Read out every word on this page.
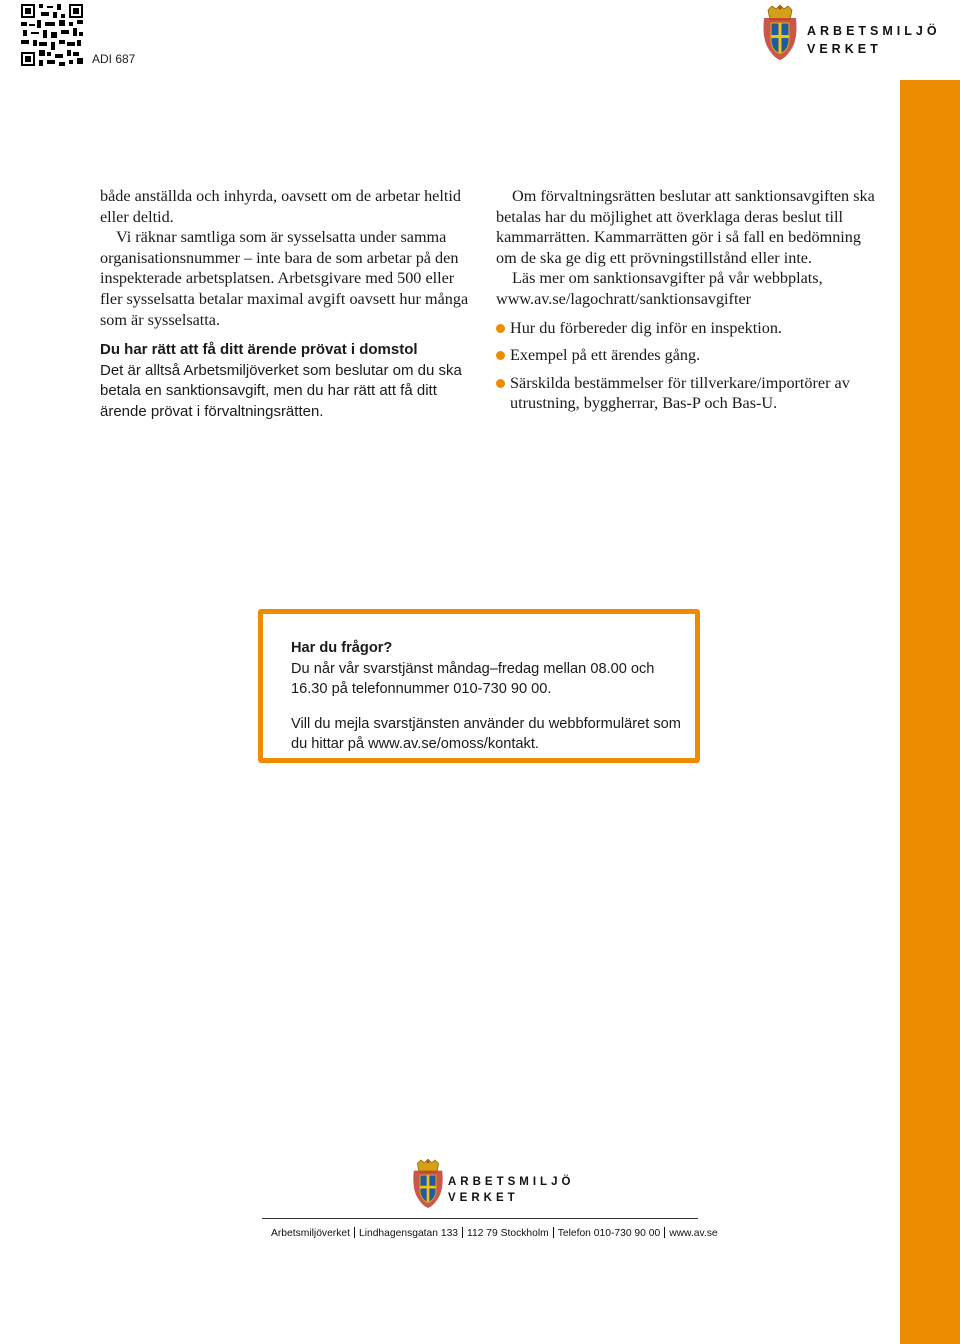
ADI 687
ARBETSMILJÖ
VERKET

både anställda och inhyrda, oavsett om de arbetar heltid eller deltid.

Vi räknar samtliga som är sysselsatta under samma organisationsnummer – inte bara de som arbetar på den inspekterade arbetsplatsen. Arbetsgivare med 500 eller fler sysselsatta betalar maximal avgift oavsett hur många som är sysselsatta.

Du har rätt att få ditt ärende prövat i domstol

Det är alltså Arbetsmiljöverket som beslutar om du ska betala en sanktionsavgift, men du har rätt att få ditt ärende prövat i förvaltningsrätten.

Om förvaltningsrätten beslutar att sanktionsavgiften ska betalas har du möjlighet att överklaga deras beslut till kammarrätten. Kammarrätten gör i så fall en bedömning om de ska ge dig ett prövningstillstånd eller inte.

Läs mer om sanktionsavgifter på vår webbplats, www.av.se/lagochratt/sanktionsavgifter

Hur du förbereder dig inför en inspektion.
Exempel på ett ärendes gång.
Särskilda bestämmelser för tillverkare/importörer av utrustning, byggherrar, Bas-P och Bas-U.

Har du frågor?

Du når vår svarstjänst måndag–fredag mellan 08.00 och 16.30 på telefonnummer 010-730 90 00.

Vill du mejla svarstjänsten använder du webbformuläret som du hittar på www.av.se/omoss/kontakt.

ARBETSMILJÖ
VERKET
Arbetsmiljöverket Lindhagensgatan 133 112 79 Stockholm Telefon 010-730 90 00 www.av.se
